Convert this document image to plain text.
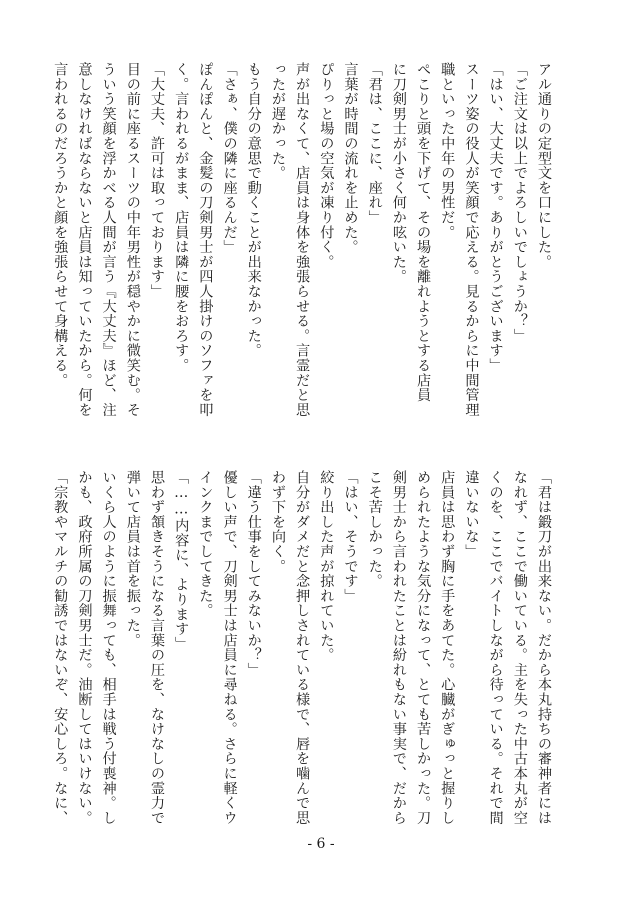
アル通りの定型文を口にした。
「ご注文は以上でよろしいでしょうか？」
「はい、大丈夫です。ありがとうございます」
スーツ姿の役人が笑顔で応える。見るからに中間管理
職といった中年の男性だ。
ぺこりと頭を下げて、その場を離れようとする店員
に刀剣男士が小さく何か呟いた。
「君は、ここに、座れ」
言葉が時間の流れを止めた。
ぴりっと場の空気が凍り付く。
声が出なくて、店員は身体を強張らせる。言霊だと思
ったが遅かった。
もう自分の意思で動くことが出来なかった。
「さぁ、僕の隣に座るんだ」
ぽんぽんと、金髪の刀剣男士が四人掛けのソファを叩
く。言われるがまま、店員は隣に腰をおろす。
「大丈夫、許可は取っております」
目の前に座るスーツの中年男性が穏やかに微笑む。そ
ういう笑顔を浮かべる人間が言う『大丈夫』ほど、注
意しなければならないと店員は知っていたから。何を
言われるのだろうかと顔を強張らせて身構える。
「君は鍛刀が出来ない。だから本丸持ちの審神者には
なれず、ここで働いている。主を失った中古本丸が空
くのを、ここでバイトしながら待っている。それで間
違いないな」
店員は思わず胸に手をあてた。心臓がぎゅっと握りし
められたような気分になって、とても苦しかった。刀
剣男士から言われたことは紛れもない事実で、だから
こそ苦しかった。
「はい、そうです」
絞り出した声が掠れていた。
自分がダメだと念押しされている様で、唇を噛んで思
わず下を向く。
「違う仕事をしてみないか？」
優しい声で、刀剣男士は店員に尋ねる。さらに軽くウ
インクまでしてきた。
「……内容に、よります」
思わず頷きそうになる言葉の圧を、なけなしの霊力で
弾いて店員は首を振った。
いくら人のように振舞っても、相手は戦う付喪神。し
かも、政府所属の刀剣男士だ。油断してはいけない。
「宗教やマルチの勧誘ではないぞ、安心しろ。なに、
- 6 -
